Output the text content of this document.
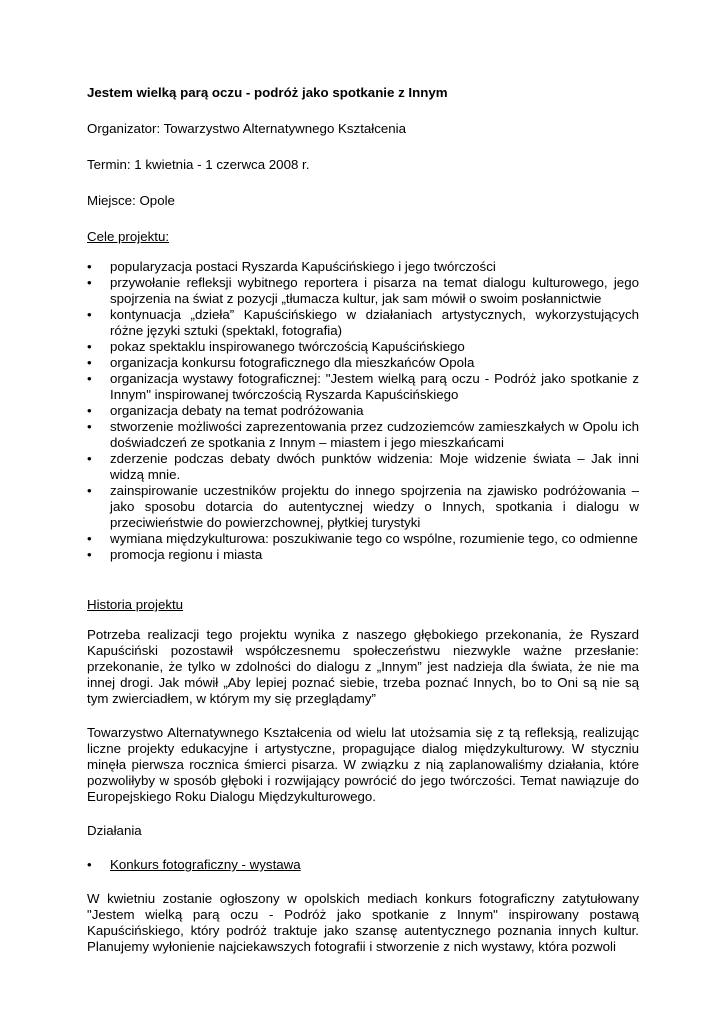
Jestem wielką parą oczu - podróż jako spotkanie z Innym

Organizator: Towarzystwo Alternatywnego Kształcenia

Termin: 1 kwietnia - 1 czerwca 2008 r.

Miejsce: Opole

Cele projektu:

•	popularyzacja postaci Ryszarda Kapuścińskiego i jego twórczości
•	przywołanie refleksji wybitnego reportera i pisarza na temat dialogu kulturowego, jego spojrzenia na świat z pozycji „tłumacza kultur, jak sam mówił o swoim posłannictwie
•	kontynuacja „dzieła” Kapuścińskiego w działaniach artystycznych, wykorzystujących różne języki sztuki (spektakl, fotografia)
•	pokaz spektaklu inspirowanego twórczością Kapuścińskiego
•	organizacja konkursu fotograficznego dla mieszkańców Opola
•	organizacja wystawy fotograficznej: "Jestem wielką parą oczu - Podróż jako spotkanie z Innym" inspirowanej twórczością Ryszarda Kapuścińskiego
•	organizacja debaty na temat podróżowania
•	stworzenie możliwości zaprezentowania przez cudzoziemców zamieszkałych w Opolu ich doświadczeń ze spotkania z Innym – miastem i jego mieszkańcami
•	zderzenie podczas debaty dwóch punktów widzenia: Moje widzenie świata – Jak inni widzą mnie.
•	zainspirowanie uczestników projektu do innego spojrzenia na zjawisko podróżowania – jako sposobu dotarcia do autentycznej wiedzy o Innych, spotkania i dialogu w przeciwieństwie do powierzchownej, płytkiej turystyki
•	wymiana międzykulturowa: poszukiwanie tego co wspólne, rozumienie tego, co odmienne
•	promocja regionu i miasta

Historia projektu

Potrzeba realizacji tego projektu wynika z naszego głębokiego przekonania, że Ryszard Kapuściński pozostawił współczesnemu społeczeństwu niezwykle ważne przesłanie: przekonanie, że tylko w zdolności do dialogu z „Innym” jest nadzieja dla świata, że nie ma innej drogi. Jak mówił „Aby lepiej poznać siebie, trzeba poznać Innych, bo to Oni są nie są tym zwierciadłem, w którym my się przeglądamy”

Towarzystwo Alternatywnego Kształcenia od wielu lat utożsamia się z tą refleksją, realizując liczne projekty edukacyjne i artystyczne, propagujące dialog międzykulturowy. W styczniu minęła pierwsza rocznica śmierci pisarza. W związku z nią zaplanowaliśmy działania, które pozwoliłyby w sposób głęboki i rozwijający powrócić do jego twórczości. Temat nawiązuje do Europejskiego Roku Dialogu Międzykulturowego.

Działania

•	Konkurs fotograficzny - wystawa

W kwietniu zostanie ogłoszony w opolskich mediach konkurs fotograficzny zatytułowany "Jestem wielką parą oczu - Podróż jako spotkanie z Innym" inspirowany postawą Kapuścińskiego, który podróż traktuje jako szansę autentycznego poznania innych kultur. Planujemy wyłonienie najciekawszych fotografii i stworzenie z nich wystawy, która pozwoli
